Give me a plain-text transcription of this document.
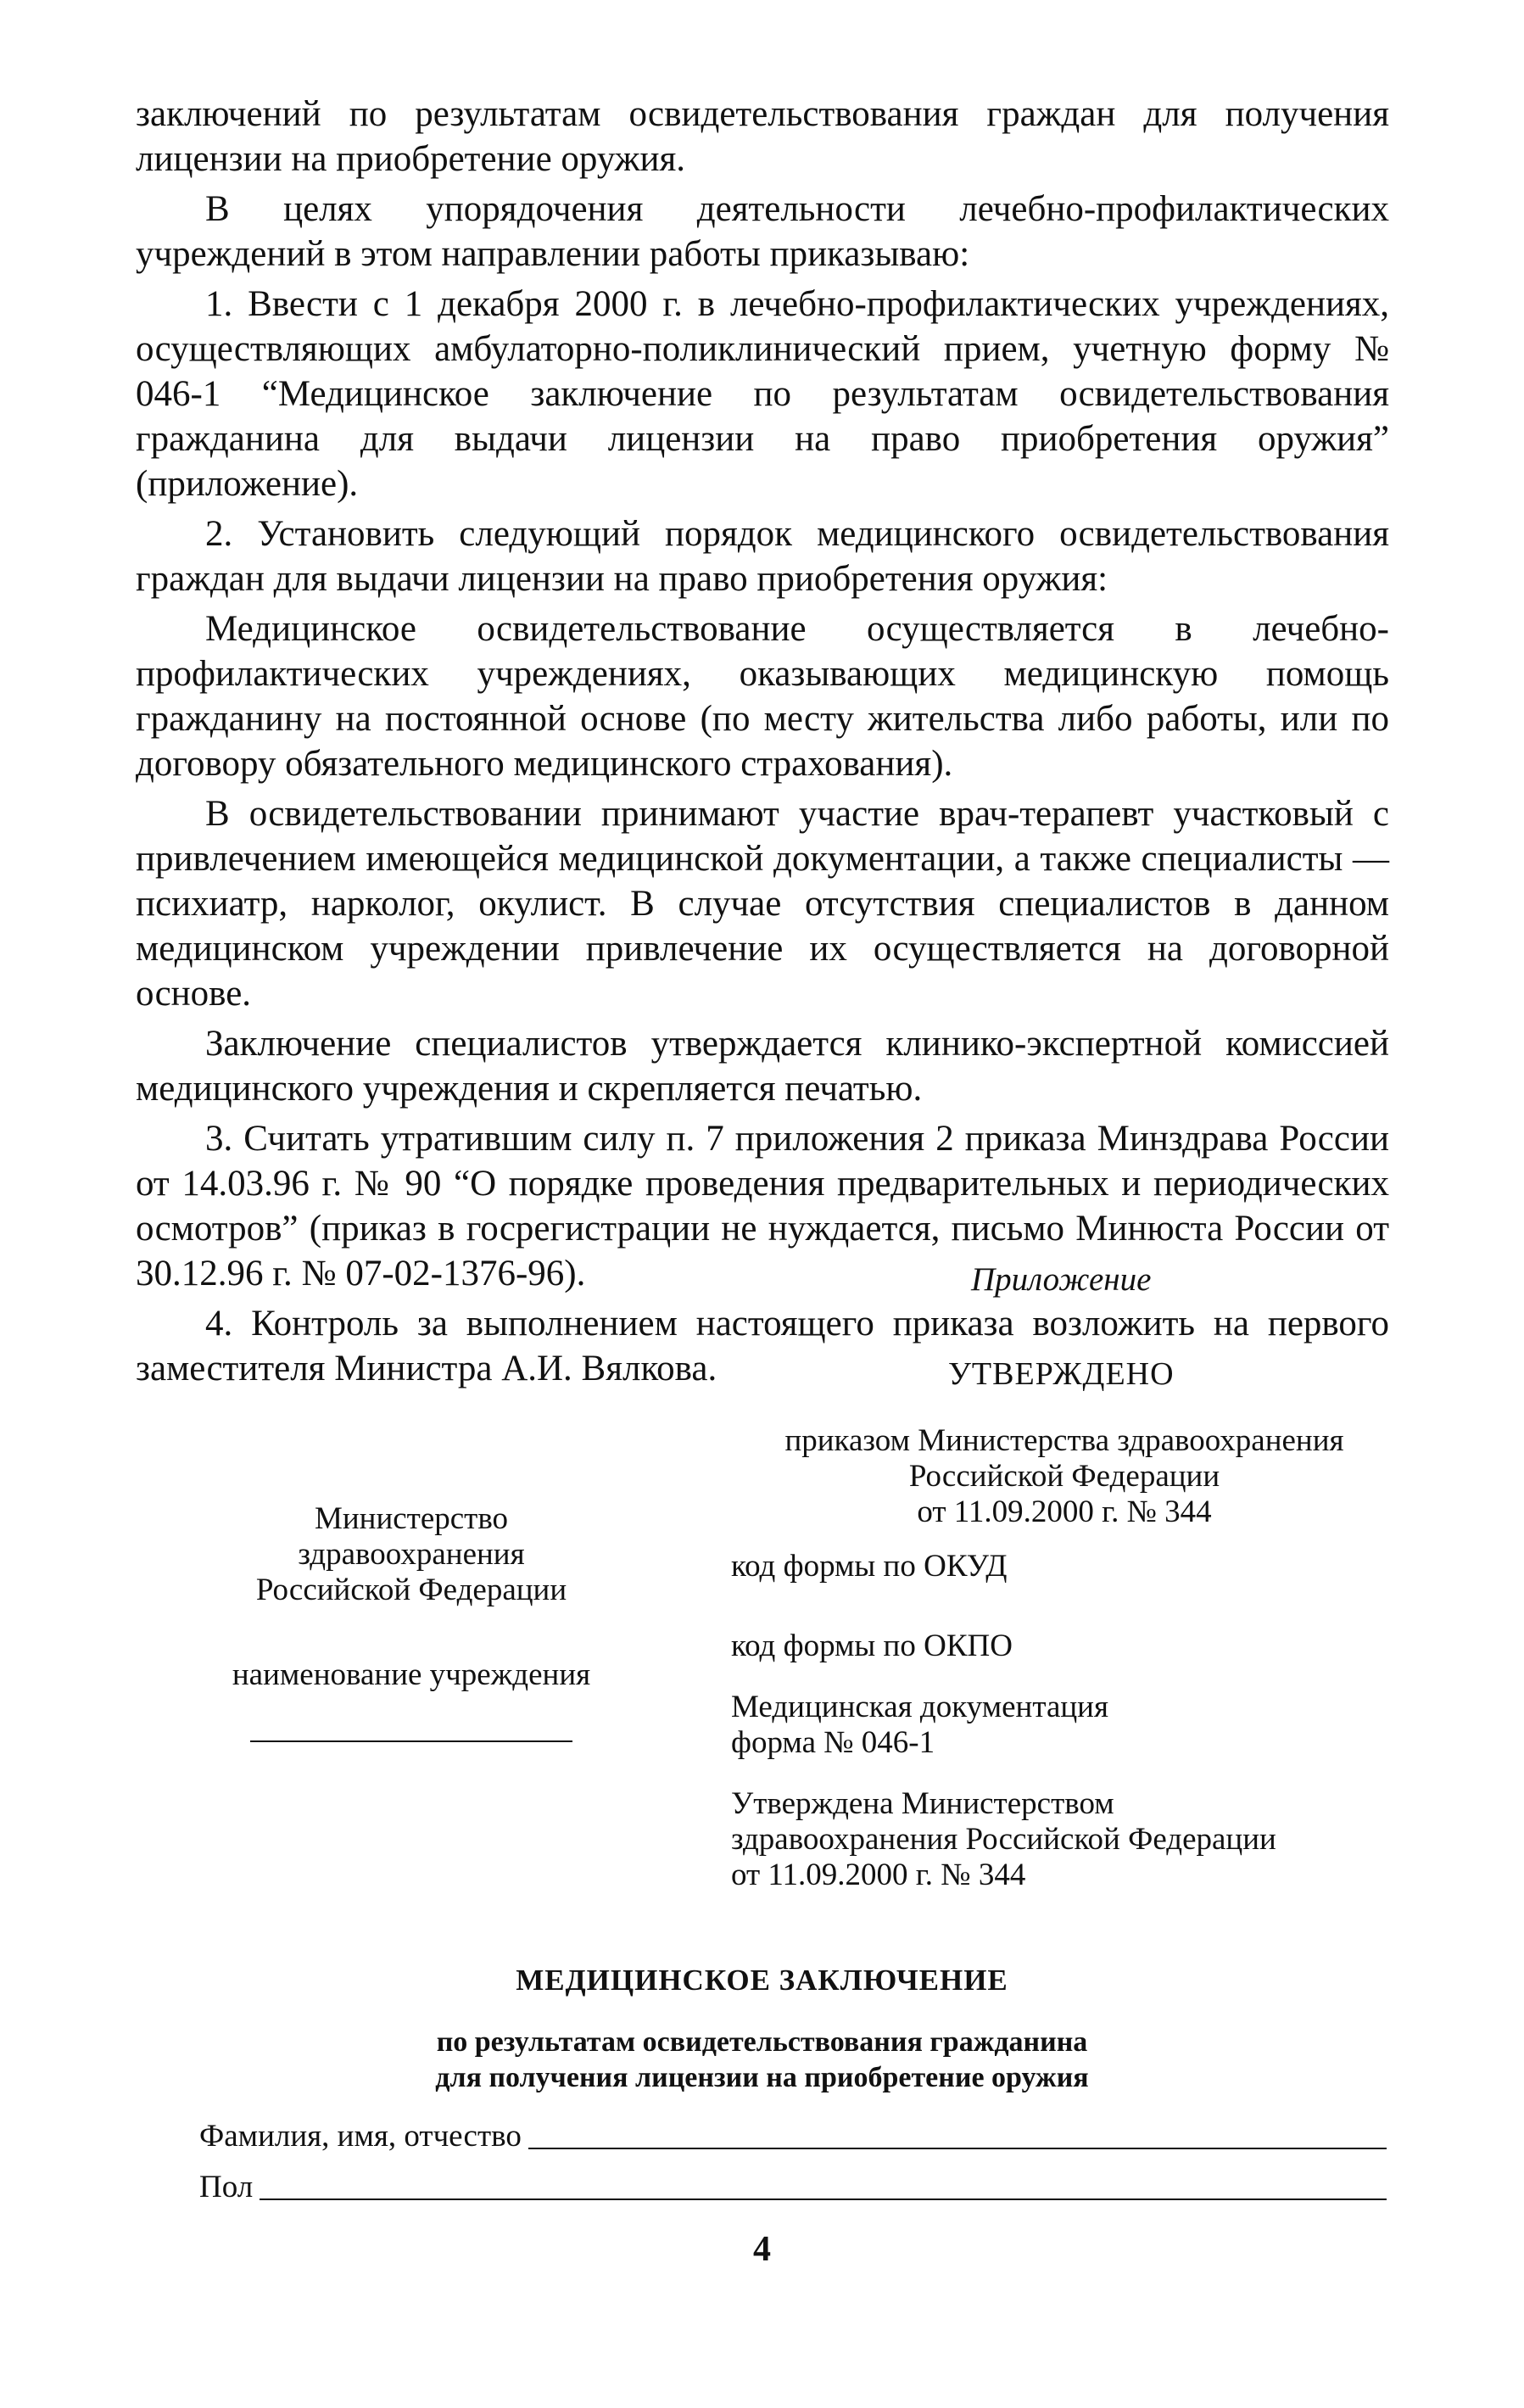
заключений по результатам освидетельствования граждан для получения лицензии на приобретение оружия.

В целях упорядочения деятельности лечебно-профилактических учреждений в этом направлении работы приказываю:

1. Ввести с 1 декабря 2000 г. в лечебно-профилактических учреждениях, осуществляющих амбулаторно-поликлинический прием, учетную форму № 046-1 “Медицинское заключение по результатам освидетельствования гражданина для выдачи лицензии на право приобретения оружия” (приложение).

2. Установить следующий порядок медицинского освидетельствования граждан для выдачи лицензии на право приобретения оружия:

Медицинское освидетельствование осуществляется в лечебно-профилактических учреждениях, оказывающих медицинскую помощь гражданину на постоянной основе (по месту жительства либо работы, или по договору обязательного медицинского страхования).

В освидетельствовании принимают участие врач-терапевт участковый с привлечением имеющейся медицинской документации, а также специалисты — психиатр, нарколог, окулист. В случае отсутствия специалистов в данном медицинском учреждении привлечение их осуществляется на договорной основе.

Заключение специалистов утверждается клинико-экспертной комиссией медицинского учреждения и скрепляется печатью.

3. Считать утратившим силу п. 7 приложения 2 приказа Минздрава России от 14.03.96 г. № 90 “О порядке проведения предварительных и периодических осмотров” (приказ в госрегистрации не нуждается, письмо Минюста России от 30.12.96 г. № 07-02-1376-96).

4. Контроль за выполнением настоящего приказа возложить на первого заместителя Министра А.И. Вялкова.

Приложение
УТВЕРЖДЕНО
приказом Министерства здравоохранения
Российской Федерации
от 11.09.2000 г. № 344
Министерство
здравоохранения
Российской Федерации
наименование учреждения
код формы по ОКУД
код формы по ОКПО
Медицинская документация
форма № 046-1
Утверждена Министерством
здравоохранения Российской Федерации
от 11.09.2000 г. № 344
МЕДИЦИНСКОЕ ЗАКЛЮЧЕНИЕ
по результатам освидетельствования гражданина
для получения лицензии на приобретение оружия
Фамилия, имя, отчество
Пол
4
